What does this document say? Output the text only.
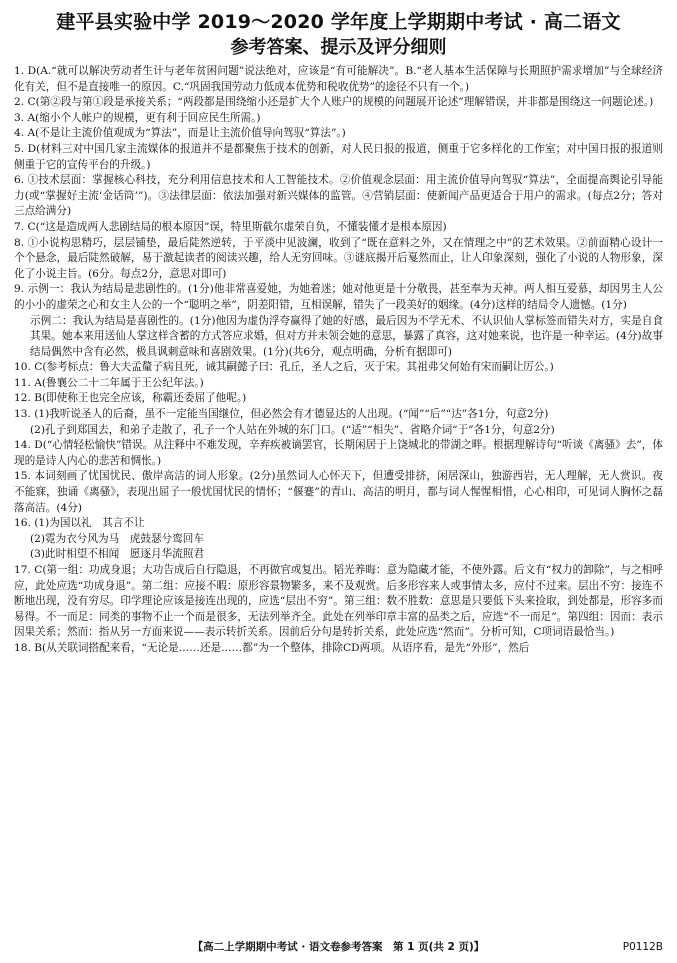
建平县实验中学 2019～2020 学年度上学期期中考试 · 高二语文
参考答案、提示及评分细则

1. D(A.“就可以解决劳动者生计与老年贫困问题”说法绝对，应该是“有可能解决”。B.“老人基本生活保障与长期照护需求增加”与全球经济化有关，但不是直接唯一的原因。C.“巩固我国劳动力低成本优势和税收优势”的途径不只有一个。)

2. C(第②段与第①段是承接关系；“两段都是围绕缩小还是扩大个人账户的规模的问题展开论述”理解错误，并非都是围绕这一问题论述。)

3. A(缩小个人帐户的规模，更有利于回应民生所需。)

4. A(不是让主流价值观成为“算法”，而是让主流价值导向驾驭“算法”。)

5. D(材料三对中国几家主流媒体的报道并不是都聚焦于技术的创新，对人民日报的报道，侧重于它多样化的工作室；对中国日报的报道则侧重于它的宣传平台的升级。)

6. ①技术层面：掌握核心科技，充分利用信息技术和人工智能技术。②价值观念层面：用主流价值导向驾驭“算法”，全面提高舆论引导能力(或“掌握好主流‘金话筒’”)。③法律层面：依法加强对新兴媒体的监管。④营销层面：使新闻产品更适合于用户的需求。(每点2分；答对三点给满分)

7. C(“这是造成两人悲剧结局的根本原因”误，特里斯截尔虚荣自负，不懂装懂才是根本原因)

8. ①小说构思精巧，层层铺垫，最后陡然逆转，于平淡中见波澜，收到了“既在意料之外，又在情理之中”的艺术效果。②前面精心设计一个个悬念，最后陡然破解，易于激起读者的阅读兴趣，给人无穷回味。③谜底揭开后戛然而止，让人印象深刻，强化了小说的人物形象，深化了小说主旨。(6分。每点2分，意思对即可)

9. 示例一：我认为结局是悲剧性的。(1分)他非常喜爱她，为她着迷；她对他更是十分敬畏，甚至奉为天神。两人相互爱慕，却因男主人公的小小的虚荣之心和女主人公的一个“聪明之举”，阴差阳错，互相误解，错失了一段美好的姻缘。(4分)这样的结局令人遗憾。(1分)

示例二：我认为结局是喜剧性的。(1分)他因为虚伪浮夸赢得了她的好感，最后因为不学无术、不认识仙人掌标签而错失对方，实是自食其果。她本来用送仙人掌这样含蓄的方式答应求婚，但对方并未领会她的意思，暴露了真容，这对她来说，也许是一种幸运。(4分)故事结局偶然中含有必然，极具讽刺意味和喜剧效果。(1分)(共6分，观点明确，分析有据即可)

10. C(参考标点：鲁大夫孟釐子病且死，诫其嗣懿子曰：孔丘，圣人之后，灭于宋。其祖弗父何始有宋而嗣让厉公。)

11. A(鲁襄公二十二年属于王公纪年法。)

12. B(即使称王也完全应该，称霸还委屈了他呢。)

13. (1)我听说圣人的后裔，虽不一定能当国继位，但必然会有才德显达的人出现。(“闻”“后”“达”各1分，句意2分)

(2)孔子到郑国去，和弟子走散了，孔子一个人站在外城的东门口。(“适”“相失”、省略介词“于”各1分，句意2分)

14. D(“心情轻松愉快”错误。从注释中不难发现，辛弃疾被谪罢官，长期闲居于上饶城北的带湖之畔。根据理解诗句“听谈《离骚》去”，体现的是诗人内心的悲苦和惆怅。)

15. 本词刻画了忧国忧民、傲岸高洁的词人形象。(2分)虽然词人心怀天下，但遭受排挤，闲居深山，独游西岩，无人理解，无人赏识。夜不能寐，独诵《离骚》，表现出屈子一般忧国忧民的情怀；“偃蹇”的青山、高洁的明月，都与词人惺惺相惜，心心相印，可见词人胸怀之磊落高洁。(4分)

16. (1)为国以礼　其言不让

(2)霓为衣兮风为马　虎鼓瑟兮鸾回车

(3)此时相望不相闻　愿逐月华流照君

17. C(第一组：功成身退；大功告成后自行隐退，不再做官或复出。韬光养晦：意为隐藏才能，不使外露。后文有“权力的卸除”，与之相呼应，此处应选“功成身退”。第二组：应接不暇：原形容景物繁多，来不及观赏。后多形容来人或事情太多，应付不过来。层出不穷：接连不断地出现，没有穷尽。印学理论应该是接连出现的，应选“层出不穷”。第三组：数不胜数：意思是只要低下头来捡取，到处都是，形容多而易得。不一而足：同类的事物不止一个而是很多，无法列举齐全。此处在列举印章丰富的品类之后，应选“不一而足”。第四组：因而：表示因果关系；然而：指从另一方面来说——表示转折关系。因前后分句是转折关系，此处应选“然而”。分析可知，C项词语最恰当。)

18. B(从关联词搭配来看，“无论是……还是……都”为一个整体，排除CD两项。从语序看，是先“外形”，然后

【高二上学期期中考试 · 语文卷参考答案　第 1 页(共 2 页)】	P0112B
